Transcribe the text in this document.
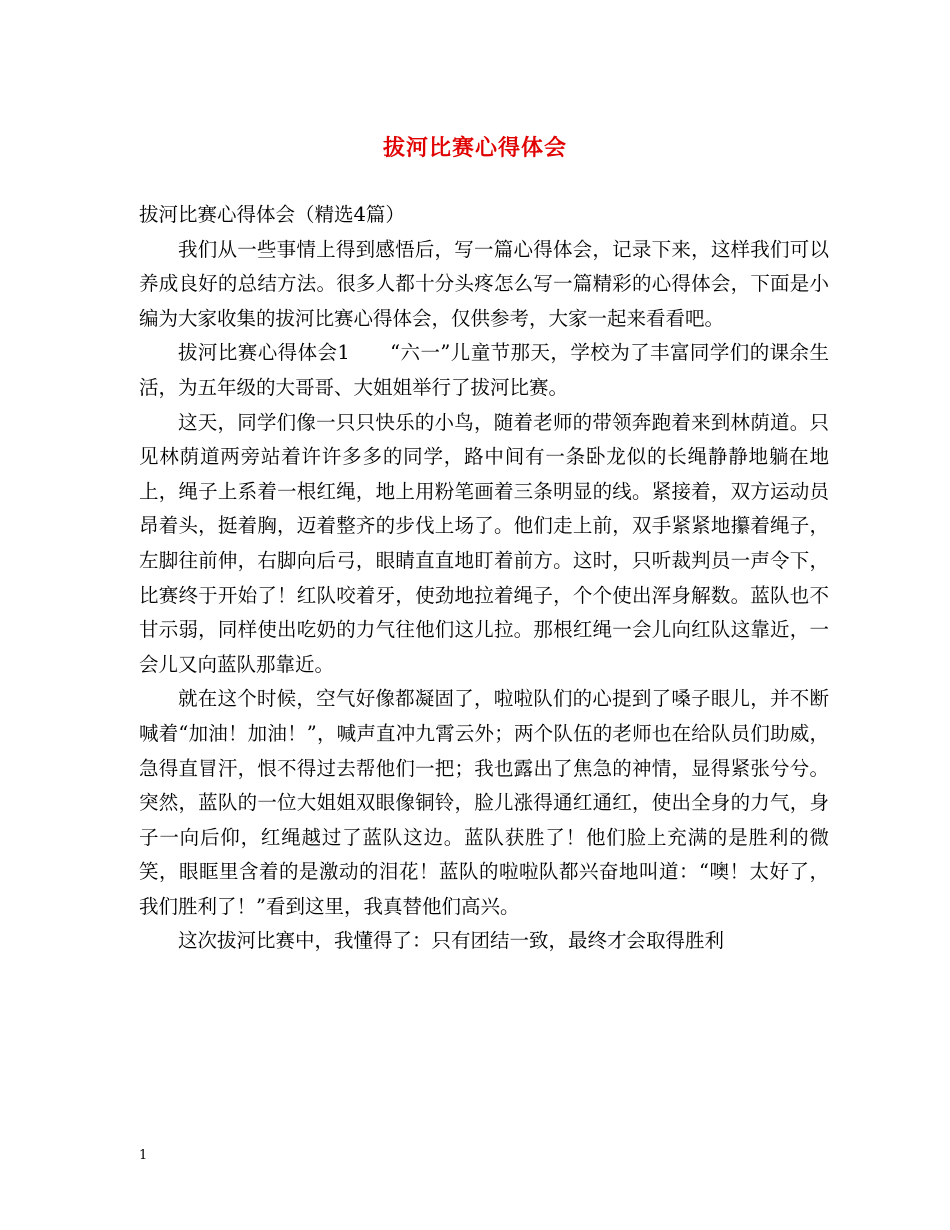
拔河比赛心得体会

拔河比赛心得体会（精选4篇）

我们从一些事情上得到感悟后，写一篇心得体会，记录下来，这样我们可以养成良好的总结方法。很多人都十分头疼怎么写一篇精彩的心得体会，下面是小编为大家收集的拔河比赛心得体会，仅供参考，大家一起来看看吧。

拔河比赛心得体会1　　“六一”儿童节那天，学校为了丰富同学们的课余生活，为五年级的大哥哥、大姐姐举行了拔河比赛。

这天，同学们像一只只快乐的小鸟，随着老师的带领奔跑着来到林荫道。只见林荫道两旁站着许许多多的同学，路中间有一条卧龙似的长绳静静地躺在地上，绳子上系着一根红绳，地上用粉笔画着三条明显的线。紧接着，双方运动员昂着头，挺着胸，迈着整齐的步伐上场了。他们走上前，双手紧紧地攥着绳子，左脚往前伸，右脚向后弓，眼睛直直地盯着前方。这时，只听裁判员一声令下，比赛终于开始了！红队咬着牙，使劲地拉着绳子，个个使出浑身解数。蓝队也不甘示弱，同样使出吃奶的力气往他们这儿拉。那根红绳一会儿向红队这靠近，一会儿又向蓝队那靠近。

就在这个时候，空气好像都凝固了，啦啦队们的心提到了嗓子眼儿，并不断喊着“加油！加油！”，喊声直冲九霄云外；两个队伍的老师也在给队员们助威，急得直冒汗，恨不得过去帮他们一把；我也露出了焦急的神情，显得紧张兮兮。突然，蓝队的一位大姐姐双眼像铜铃，脸儿涨得通红通红，使出全身的力气，身子一向后仰，红绳越过了蓝队这边。蓝队获胜了！他们脸上充满的是胜利的微笑，眼眶里含着的是激动的泪花！蓝队的啦啦队都兴奋地叫道：“噢！太好了，我们胜利了！”看到这里，我真替他们高兴。

这次拔河比赛中，我懂得了：只有团结一致，最终才会取得胜利

1
